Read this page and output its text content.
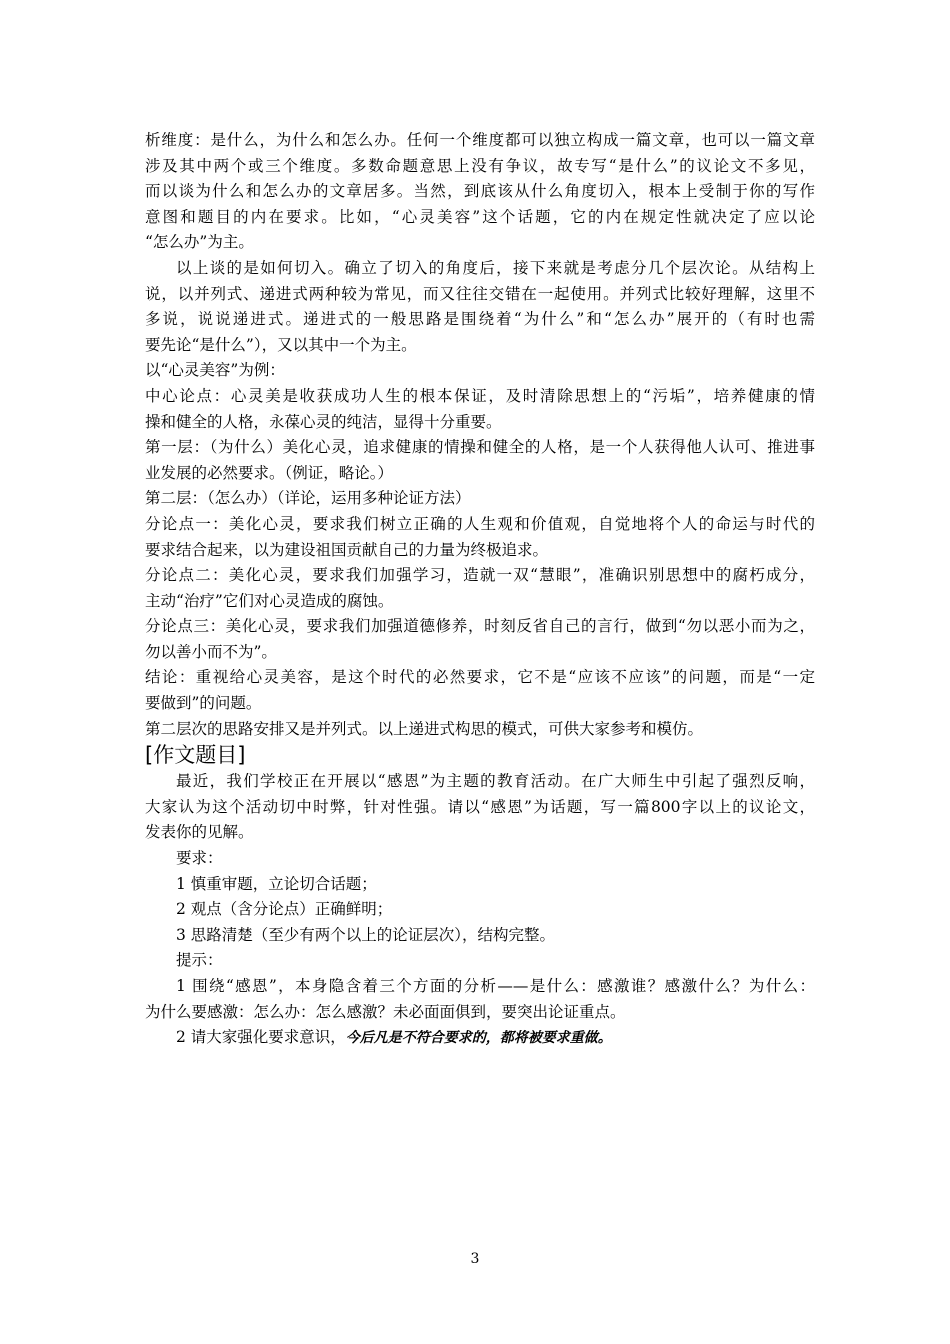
析维度：是什么，为什么和怎么办。任何一个维度都可以独立构成一篇文章，也可以一篇文章

涉及其中两个或三个维度。多数命题意思上没有争议，故专写“是什么”的议论文不多见，

而以谈为什么和怎么办的文章居多。当然，到底该从什么角度切入，根本上受制于你的写作

意图和题目的内在要求。比如，“心灵美容”这个话题，它的内在规定性就决定了应以论

“怎么办”为主。

以上谈的是如何切入。确立了切入的角度后，接下来就是考虑分几个层次论。从结构上

说，以并列式、递进式两种较为常见，而又往往交错在一起使用。并列式比较好理解，这里不

多说，说说递进式。递进式的一般思路是围绕着“为什么”和“怎么办”展开的（有时也需

要先论“是什么”），又以其中一个为主。

以“心灵美容”为例：

中心论点：心灵美是收获成功人生的根本保证，及时清除思想上的“污垢”，培养健康的情

操和健全的人格，永葆心灵的纯洁，显得十分重要。

第一层：（为什么）美化心灵，追求健康的情操和健全的人格，是一个人获得他人认可、推进事

业发展的必然要求。（例证，略论。）

第二层：（怎么办）（详论，运用多种论证方法）

分论点一：美化心灵，要求我们树立正确的人生观和价值观，自觉地将个人的命运与时代的

要求结合起来，以为建设祖国贡献自己的力量为终极追求。

分论点二：美化心灵，要求我们加强学习，造就一双“慧眼”，准确识别思想中的腐朽成分，

主动“治疗”它们对心灵造成的腐蚀。

分论点三：美化心灵，要求我们加强道德修养，时刻反省自己的言行，做到“勿以恶小而为之，

勿以善小而不为”。

结论：重视给心灵美容，是这个时代的必然要求，它不是“应该不应该”的问题，而是“一定

要做到”的问题。

第二层次的思路安排又是并列式。以上递进式构思的模式，可供大家参考和模仿。

[作文题目]

最近，我们学校正在开展以“感恩”为主题的教育活动。在广大师生中引起了强烈反响，

大家认为这个活动切中时弊，针对性强。请以“感恩”为话题，写一篇800字以上的议论文，

发表你的见解。

要求：

1 慎重审题，立论切合话题；

2 观点（含分论点）正确鲜明；

3 思路清楚（至少有两个以上的论证层次），结构完整。

提示：

1 围绕“感恩”，本身隐含着三个方面的分析——是什么：感激谁？感激什么？为什么：

为什么要感激：怎么办：怎么感激？未必面面俱到，要突出论证重点。

2 请大家强化要求意识，今后凡是不符合要求的，都将被要求重做。

3
